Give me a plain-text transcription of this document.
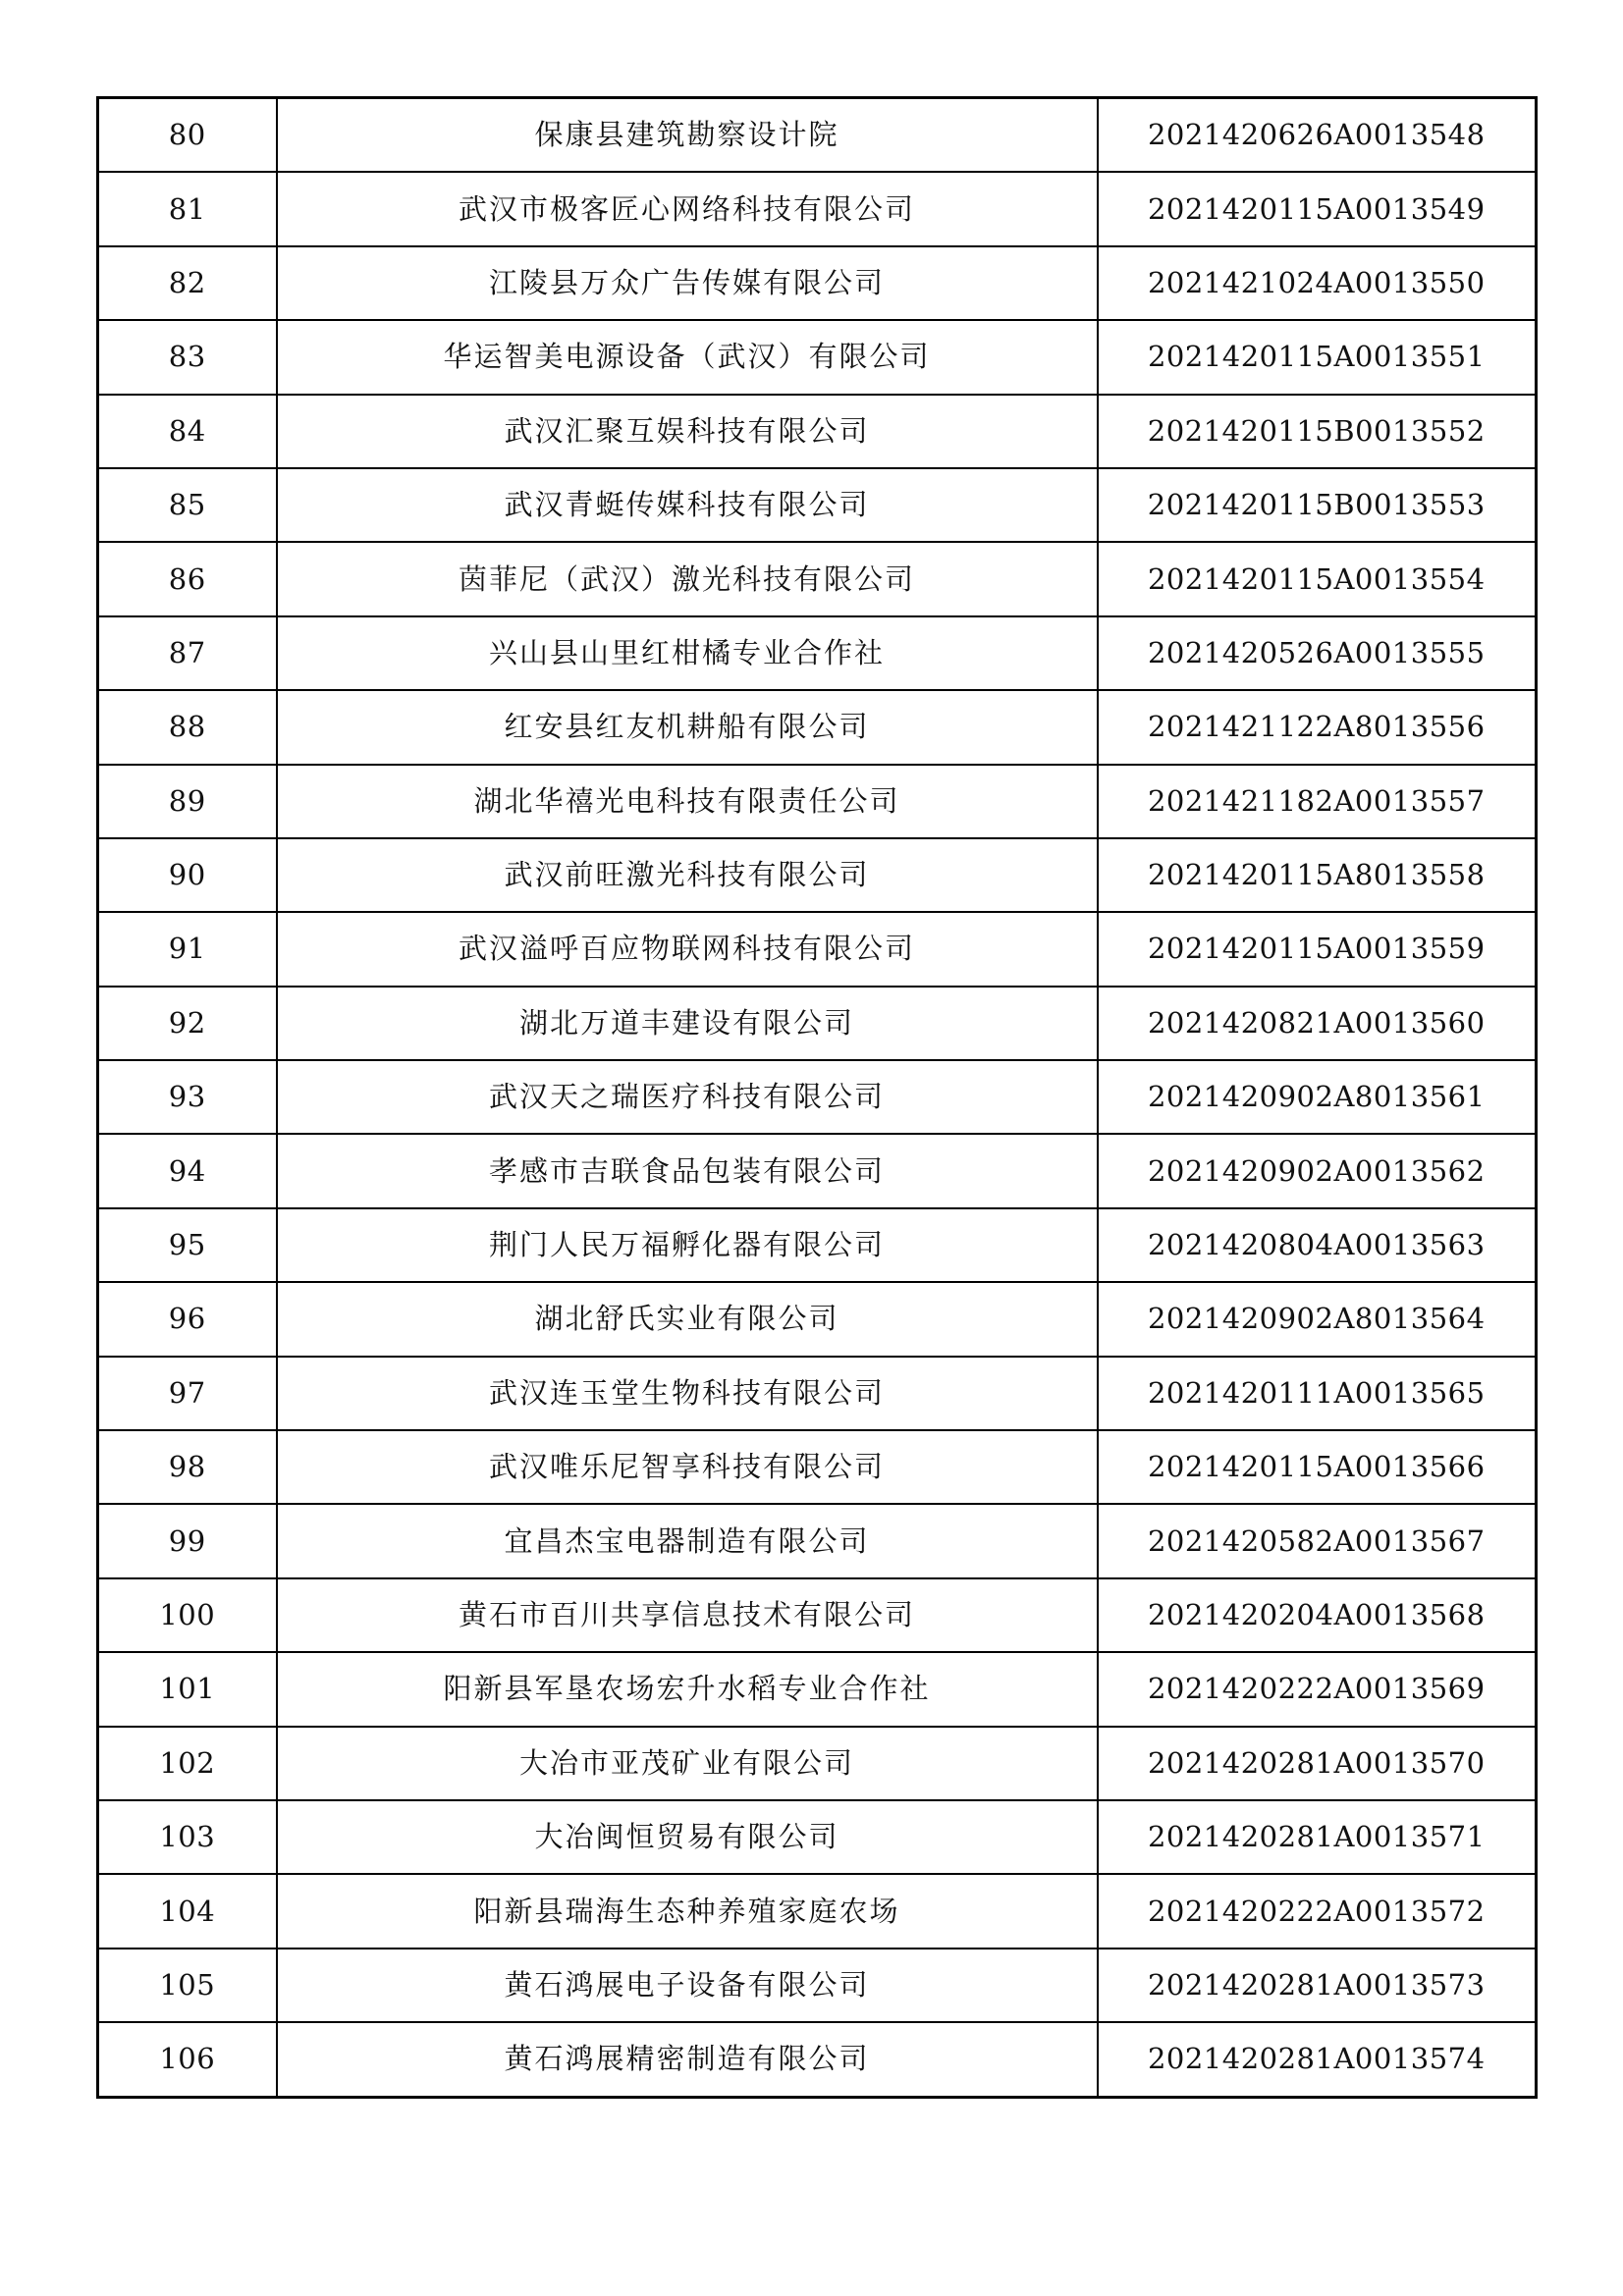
80	保康县建筑勘察设计院	2021420626A0013548
81	武汉市极客匠心网络科技有限公司	2021420115A0013549
82	江陵县万众广告传媒有限公司	2021421024A0013550
83	华运智美电源设备（武汉）有限公司	2021420115A0013551
84	武汉汇聚互娱科技有限公司	2021420115B0013552
85	武汉青蜓传媒科技有限公司	2021420115B0013553
86	茵菲尼（武汉）激光科技有限公司	2021420115A0013554
87	兴山县山里红柑橘专业合作社	2021420526A0013555
88	红安县红友机耕船有限公司	2021421122A8013556
89	湖北华禧光电科技有限责任公司	2021421182A0013557
90	武汉前旺激光科技有限公司	2021420115A8013558
91	武汉溢呼百应物联网科技有限公司	2021420115A0013559
92	湖北万道丰建设有限公司	2021420821A0013560
93	武汉天之瑞医疗科技有限公司	2021420902A8013561
94	孝感市吉联食品包装有限公司	2021420902A0013562
95	荆门人民万福孵化器有限公司	2021420804A0013563
96	湖北舒氏实业有限公司	2021420902A8013564
97	武汉连玉堂生物科技有限公司	2021420111A0013565
98	武汉唯乐尼智享科技有限公司	2021420115A0013566
99	宜昌杰宝电器制造有限公司	2021420582A0013567
100	黄石市百川共享信息技术有限公司	2021420204A0013568
101	阳新县军垦农场宏升水稻专业合作社	2021420222A0013569
102	大冶市亚茂矿业有限公司	2021420281A0013570
103	大冶闽恒贸易有限公司	2021420281A0013571
104	阳新县瑞海生态种养殖家庭农场	2021420222A0013572
105	黄石鸿展电子设备有限公司	2021420281A0013573
106	黄石鸿展精密制造有限公司	2021420281A0013574
